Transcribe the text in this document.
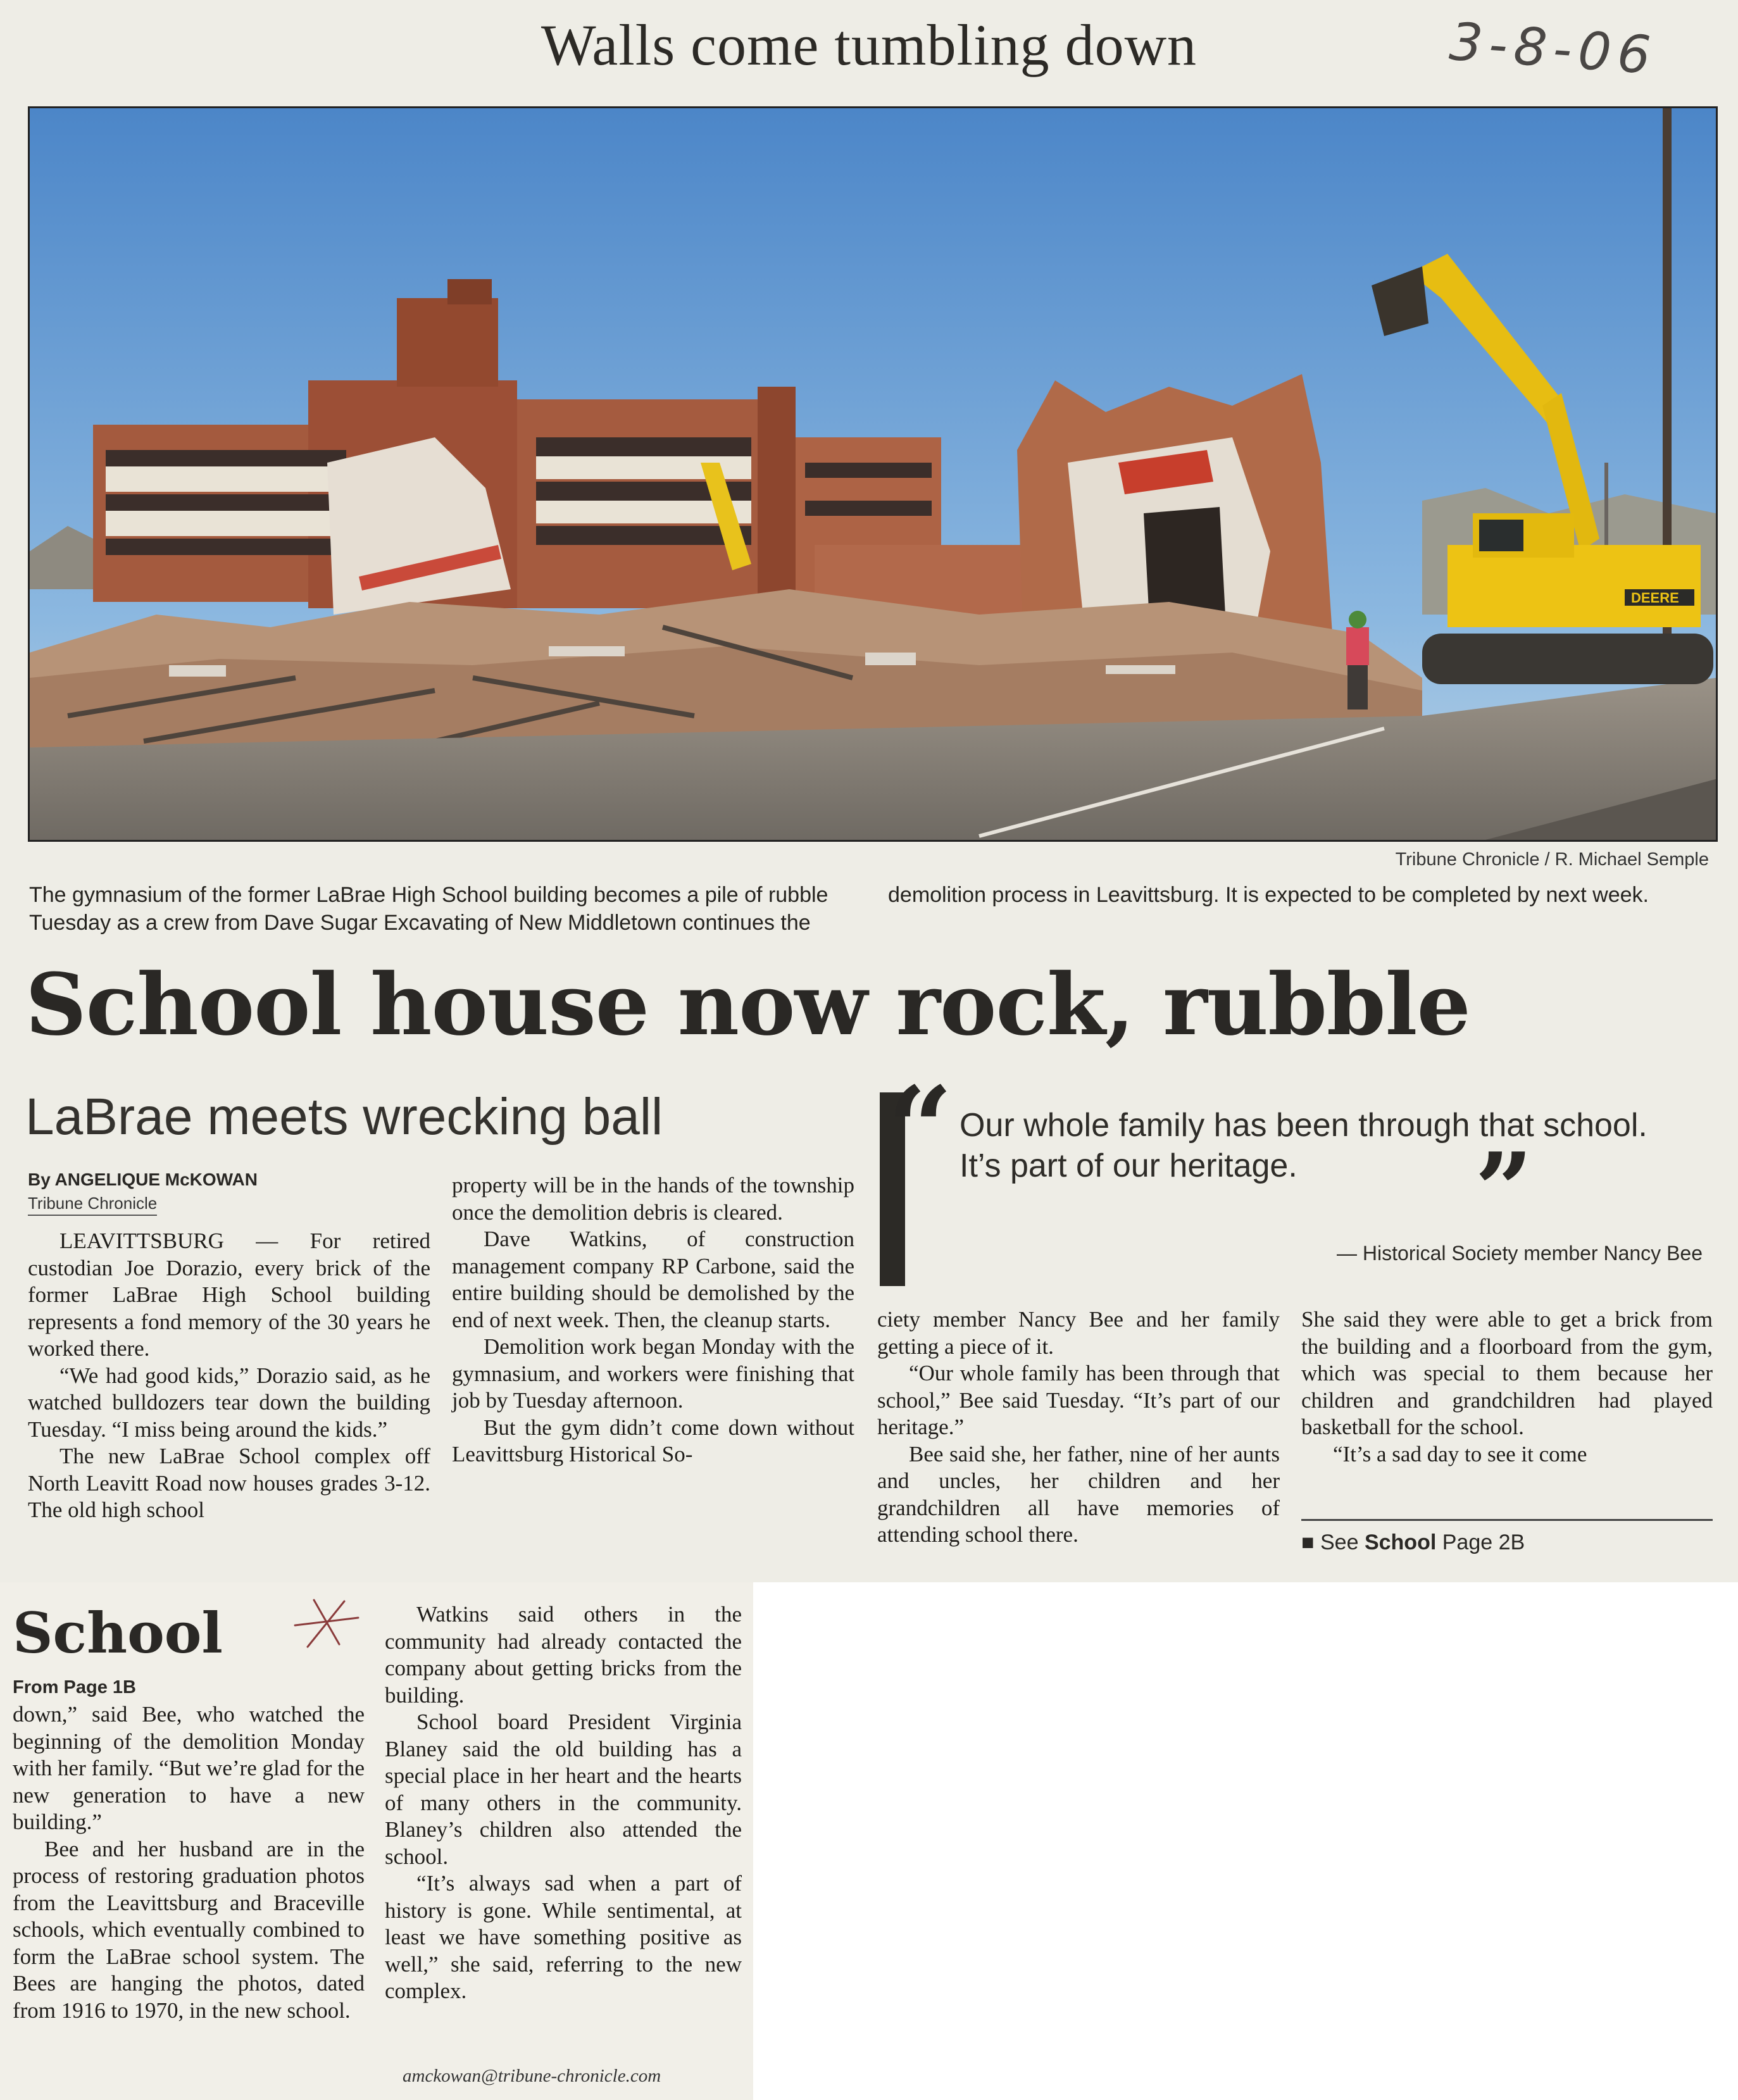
Walls come tumbling down	3-8-06
DEERE
Tribune Chronicle / R. Michael Semple
The gymnasium of the former LaBrae High School building becomes a pile of rubble Tuesday as a crew from Dave Sugar Excavating of New Middletown continues the demolition process in Leavittsburg. It is expected to be completed by next week.
School house now rock, rubble
LaBrae meets wrecking ball
By ANGELIQUE McKOWAN
Tribune Chronicle

LEAVITTSBURG — For retired custodian Joe Dorazio, every brick of the former LaBrae High School building represents a fond memory of the 30 years he worked there.

“We had good kids,” Dorazio said, as he watched bulldozers tear down the building Tuesday. “I miss being around the kids.”

The new LaBrae School complex off North Leavitt Road now houses grades 3-12. The old high school

property will be in the hands of the township once the demolition debris is cleared.

Dave Watkins, of construction management company RP Carbone, said the entire building should be demolished by the end of next week. Then, the cleanup starts.

Demolition work began Monday with the gymnasium, and workers were finishing that job by Tuesday afternoon.

But the gym didn’t come down without Leavittsburg Historical So-

“ Our whole family has been through that school. It’s part of our heritage.	”
— Historical Society member Nancy Bee

ciety member Nancy Bee and her family getting a piece of it.

“Our whole family has been through that school,” Bee said Tuesday. “It’s part of our heritage.”

Bee said she, her father, nine of her aunts and uncles, her children and her grandchildren all have memories of attending school there.

She said they were able to get a brick from the building and a floorboard from the gym, which was special to them because her children and grandchildren had played basketball for the school.

“It’s a sad day to see it come

■ See School Page 2B
School
From Page 1B

down,” said Bee, who watched the beginning of the demolition Monday with her family. “But we’re glad for the new generation to have a new building.”

Bee and her husband are in the process of restoring graduation photos from the Leavittsburg and Braceville schools, which eventually combined to form the LaBrae school system. The Bees are hanging the photos, dated from 1916 to 1970, in the new school.

Watkins said others in the community had already contacted the company about getting bricks from the building.

School board President Virginia Blaney said the old building has a special place in her heart and the hearts of many others in the community. Blaney’s children also attended the school.

“It’s always sad when a part of history is gone. While sentimental, at least we have something positive as well,” she said, referring to the new complex.

amckowan@tribune-chronicle.com
